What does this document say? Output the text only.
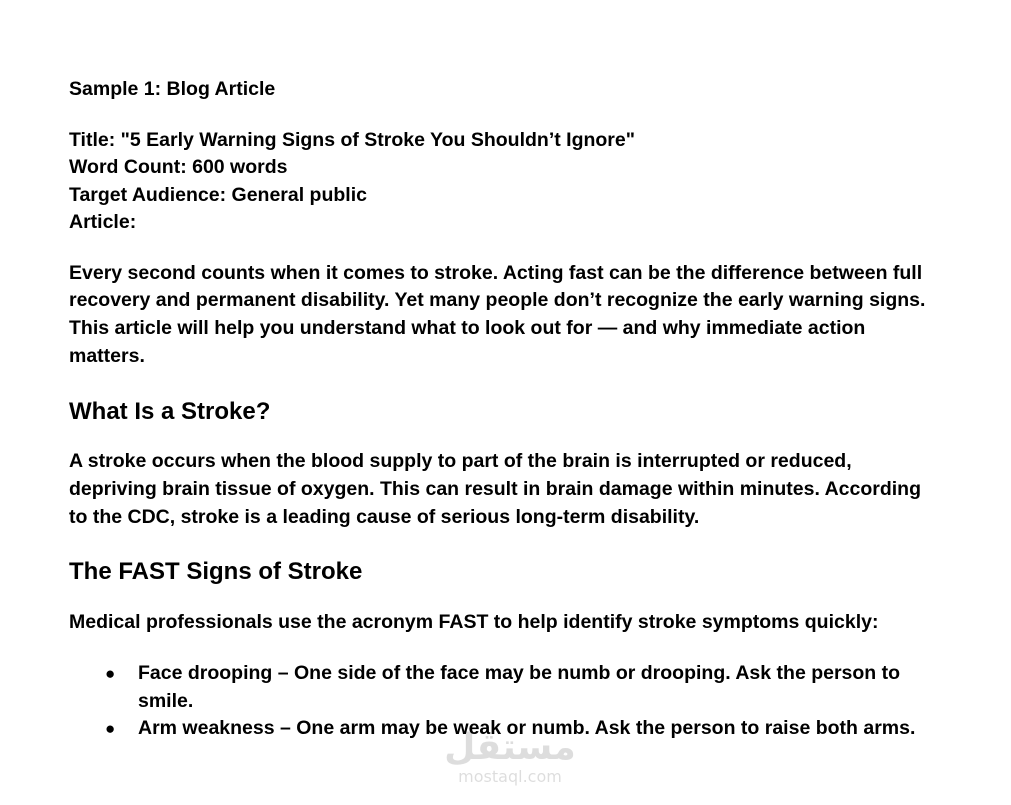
Sample 1: Blog Article

Title: "5 Early Warning Signs of Stroke You Shouldn’t Ignore"

Word Count: 600 words

Target Audience: General public

Article:

Every second counts when it comes to stroke. Acting fast can be the difference between full recovery and permanent disability. Yet many people don’t recognize the early warning signs. This article will help you understand what to look out for — and why immediate action matters.

What Is a Stroke?

A stroke occurs when the blood supply to part of the brain is interrupted or reduced, depriving brain tissue of oxygen. This can result in brain damage within minutes. According to the CDC, stroke is a leading cause of serious long-term disability.

The FAST Signs of Stroke

Medical professionals use the acronym FAST to help identify stroke symptoms quickly:

● Face drooping – One side of the face may be numb or drooping. Ask the person to smile.
● Arm weakness – One arm may be weak or numb. Ask the person to raise both arms.
مستقل
mostaql.com
